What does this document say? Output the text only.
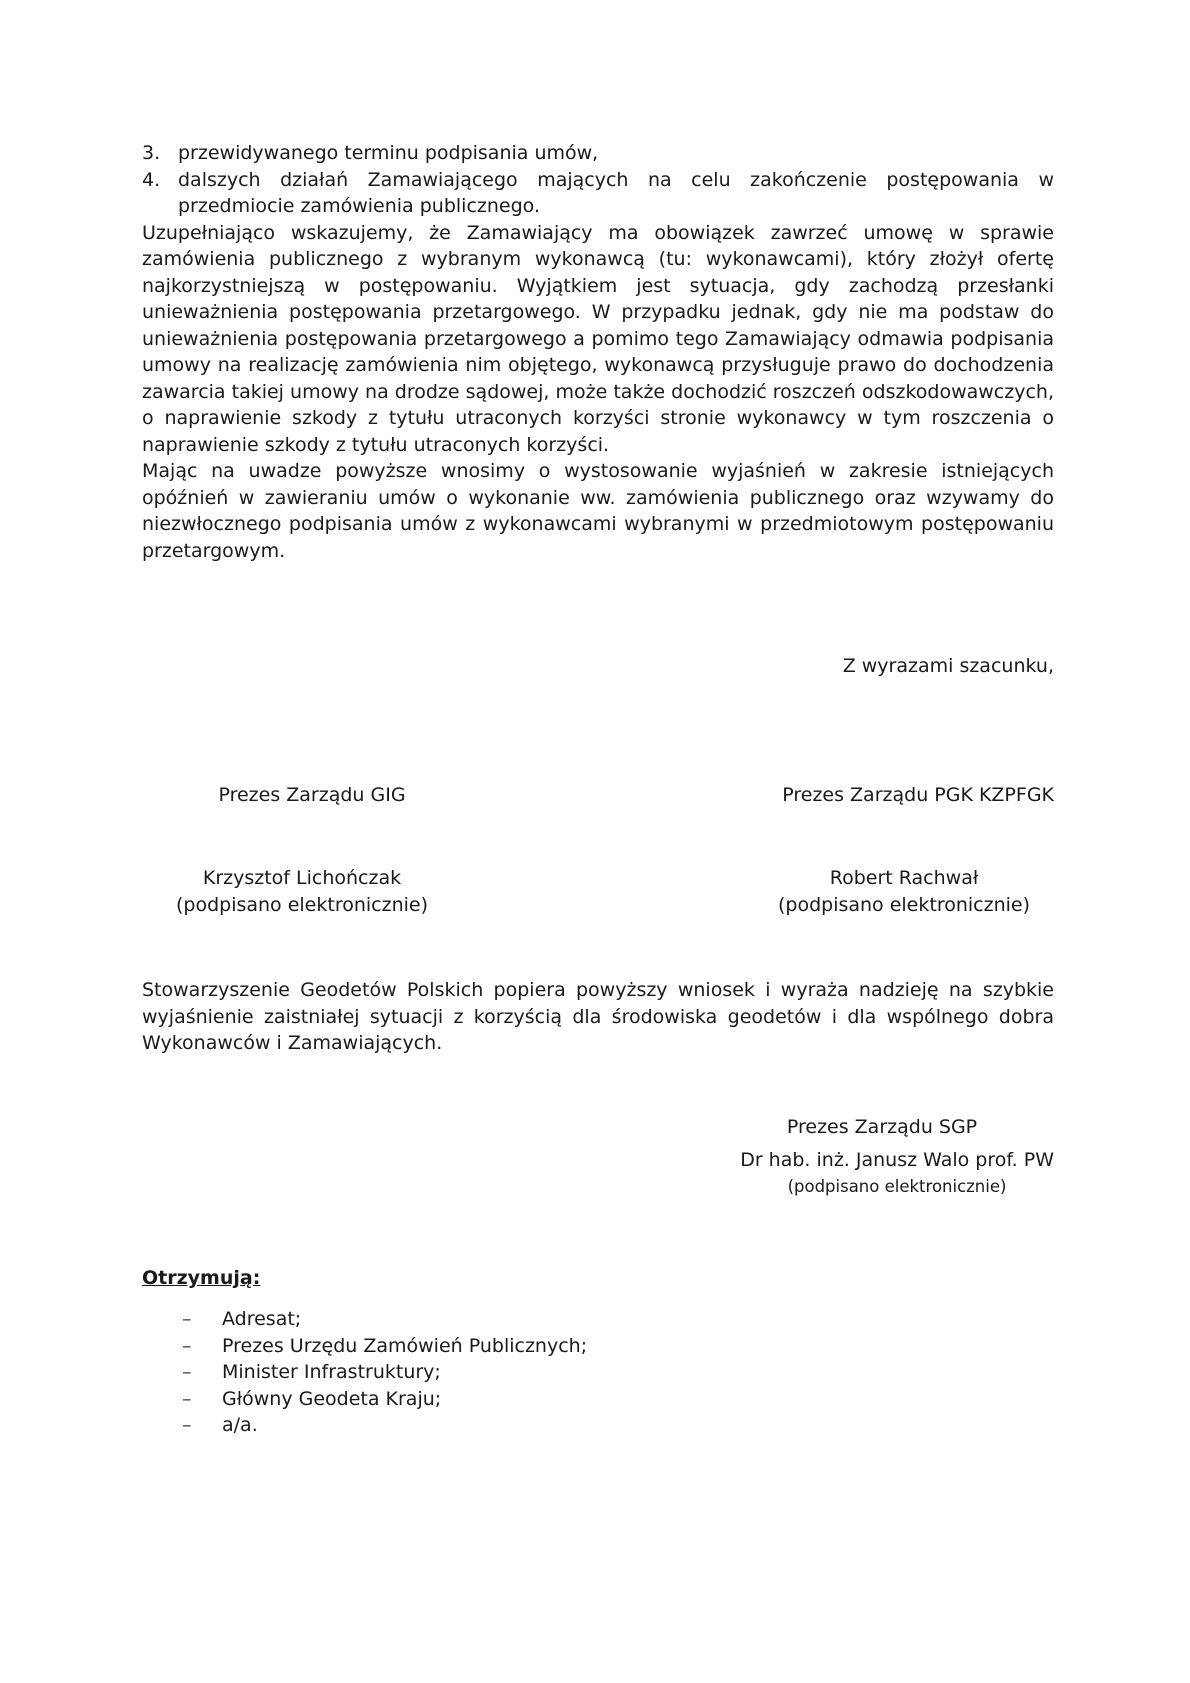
3. przewidywanego terminu podpisania umów,
4. dalszych działań Zamawiającego mających na celu zakończenie postępowania w przedmiocie zamówienia publicznego.

Uzupełniająco wskazujemy, że Zamawiający ma obowiązek zawrzeć umowę w sprawie zamówienia publicznego z wybranym wykonawcą (tu: wykonawcami), który złożył ofertę najkorzystniejszą w postępowaniu. Wyjątkiem jest sytuacja, gdy zachodzą przesłanki unieważnienia postępowania przetargowego. W przypadku jednak, gdy nie ma podstaw do unieważnienia postępowania przetargowego a pomimo tego Zamawiający odmawia podpisania umowy na realizację zamówienia nim objętego, wykonawcą przysługuje prawo do dochodzenia zawarcia takiej umowy na drodze sądowej, może także dochodzić roszczeń odszkodowawczych, o naprawienie szkody z tytułu utraconych korzyści stronie wykonawcy w tym roszczenia o naprawienie szkody z tytułu utraconych korzyści.

Mając na uwadze powyższe wnosimy o wystosowanie wyjaśnień w zakresie istniejących opóźnień w zawieraniu umów o wykonanie ww. zamówienia publicznego oraz wzywamy do niezwłocznego podpisania umów z wykonawcami wybranymi w przedmiotowym postępowaniu przetargowym.

Z wyrazami szacunku,
Prezes Zarządu GIG	Prezes Zarządu PGK KZPFGK
Krzysztof Lichończak
(podpisano elektronicznie)
Robert Rachwał
(podpisano elektronicznie)
Stowarzyszenie Geodetów Polskich popiera powyższy wniosek i wyraża nadzieję na szybkie wyjaśnienie zaistniałej sytuacji z korzyścią dla środowiska geodetów i dla wspólnego dobra Wykonawców i Zamawiających.
Prezes Zarządu SGP
Dr hab. inż. Janusz Walo prof. PW
(podpisano elektronicznie)
Otrzymują:
–	Adresat;
–	Prezes Urzędu Zamówień Publicznych;
–	Minister Infrastruktury;
–	Główny Geodeta Kraju;
–	a/a.
